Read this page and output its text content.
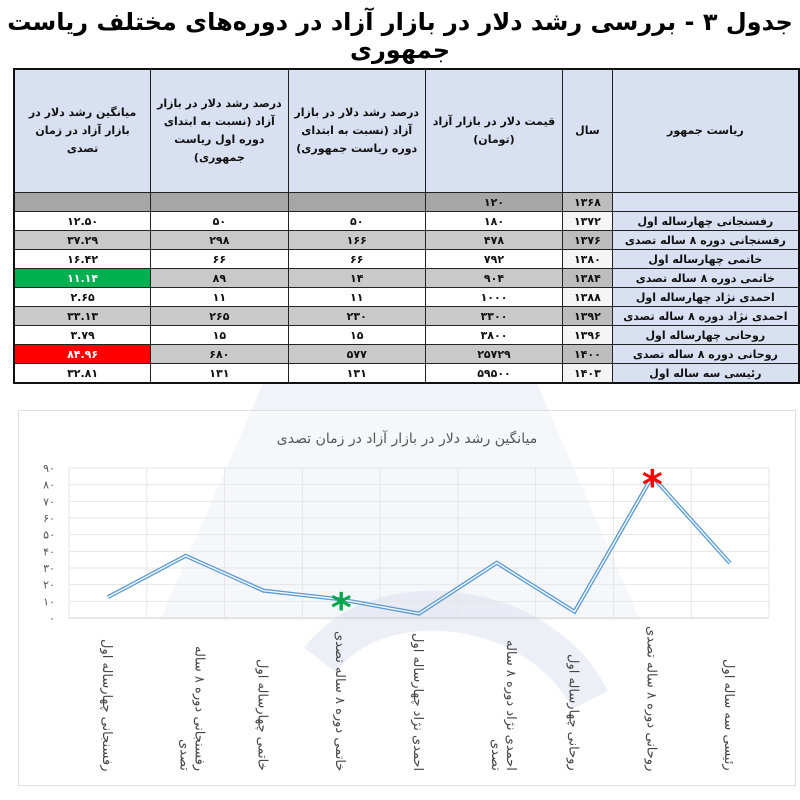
جدول ۳ - بررسی رشد دلار در بازار آزاد در دوره‌های مختلف ریاست جمهوری
ریاست جمهور	سال	قیمت دلار در بازار آزاد (تومان)	درصد رشد دلار در بازار آزاد (نسبت به ابتدای دوره ریاست جمهوری)	درصد رشد دلار در بازار آزاد (نسبت به ابتدای دوره اول ریاست جمهوری)	میانگین رشد دلار در بازار آزاد در زمان تصدی
	۱۳۶۸	۱۲۰			
رفسنجانی چهارساله اول	۱۳۷۲	۱۸۰	۵۰	۵۰	۱۲.۵۰
رفسنجانی دوره ۸ ساله تصدی	۱۳۷۶	۴۷۸	۱۶۶	۲۹۸	۳۷.۲۹
خاتمی چهارساله اول	۱۳۸۰	۷۹۲	۶۶	۶۶	۱۶.۴۲
خاتمی دوره ۸ ساله تصدی	۱۳۸۴	۹۰۴	۱۴	۸۹	۱۱.۱۴
احمدی نژاد چهارساله اول	۱۳۸۸	۱۰۰۰	۱۱	۱۱	۲.۶۵
احمدی نژاد دوره ۸ ساله تصدی	۱۳۹۲	۳۳۰۰	۲۳۰	۲۶۵	۳۳.۱۳
روحانی چهارساله اول	۱۳۹۶	۳۸۰۰	۱۵	۱۵	۳.۷۹
روحانی دوره ۸ ساله تصدی	۱۴۰۰	۲۵۷۲۹	۵۷۷	۶۸۰	۸۴.۹۶
رئیسی سه ساله اول	۱۴۰۳	۵۹۵۰۰	۱۳۱	۱۳۱	۳۲.۸۱
میانگین رشد دلار در بازار آزاد در زمان تصدی
۰
۱۰
۲۰
۳۰
۴۰
۵۰
۶۰
۷۰
۸۰
۹۰
*
*
رفسنجانی چهارساله اول	رفسنجانی دوره ۸ ساله تصدی	خاتمی چهارساله اول	خاتمی دوره ۸ ساله تصدی	احمدی نژاد چهارساله اول	احمدی نژاد دوره ۸ ساله تصدی	روحانی چهارساله اول	روحانی دوره ۸ ساله تصدی	رئیسی سه ساله اول
